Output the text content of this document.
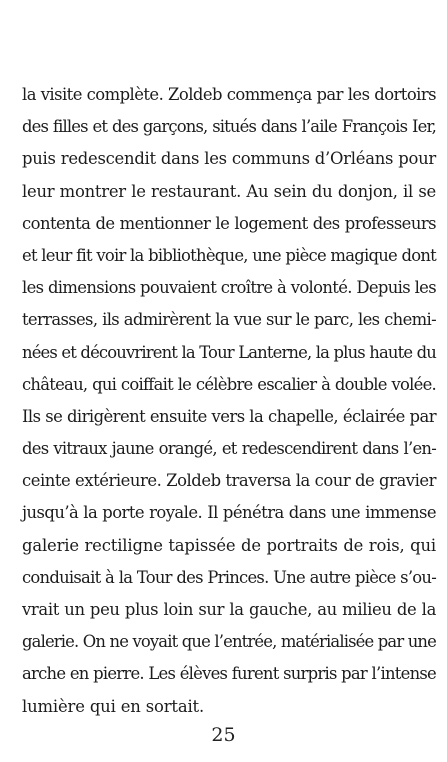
la visite complète. Zoldeb commença par les dortoirs
des filles et des garçons, situés dans l’aile François Ier,
puis redescendit dans les communs d’Orléans pour
leur montrer le restaurant. Au sein du donjon, il se
contenta de mentionner le logement des professeurs
et leur fit voir la bibliothèque, une pièce magique dont
les dimensions pouvaient croître à volonté. Depuis les
terrasses, ils admirèrent la vue sur le parc, les chemi-
nées et découvrirent la Tour Lanterne, la plus haute du
château, qui coiffait le célèbre escalier à double volée.
Ils se dirigèrent ensuite vers la chapelle, éclairée par
des vitraux jaune orangé, et redescendirent dans l’en-
ceinte extérieure. Zoldeb traversa la cour de gravier
jusqu’à la porte royale. Il pénétra dans une immense
galerie rectiligne tapissée de portraits de rois, qui
conduisait à la Tour des Princes. Une autre pièce s’ou-
vrait un peu plus loin sur la gauche, au milieu de la
galerie. On ne voyait que l’entrée, matérialisée par une
arche en pierre. Les élèves furent surpris par l’intense
lumière qui en sortait.
25
